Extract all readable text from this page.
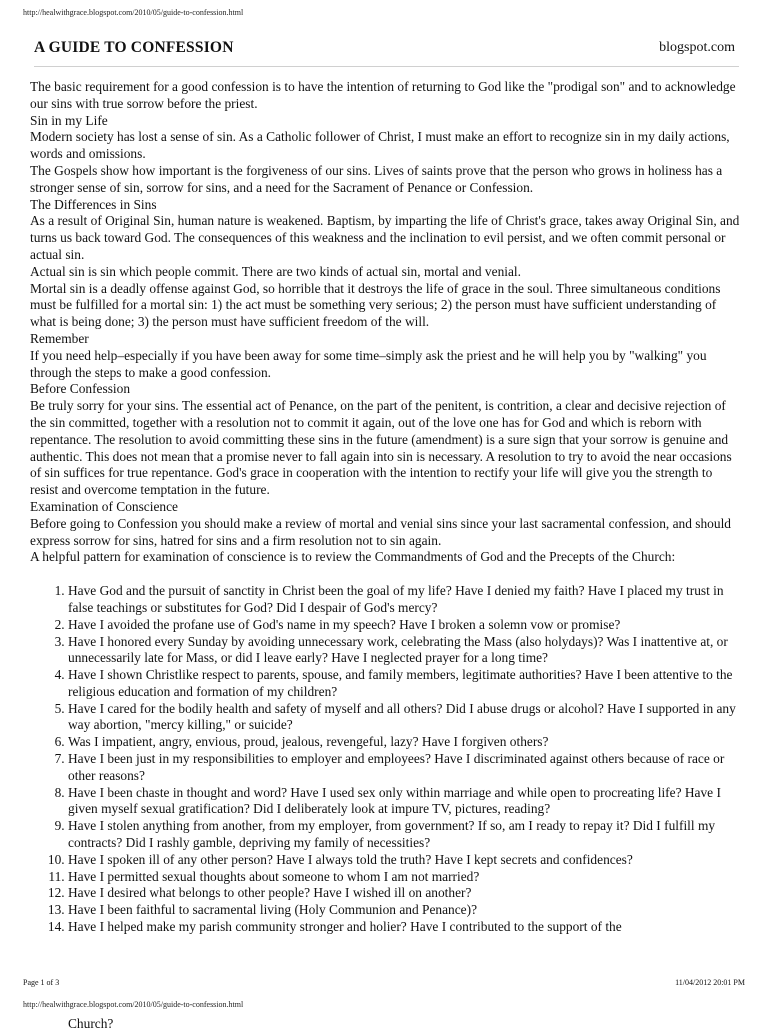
http://healwithgrace.blogspot.com/2010/05/guide-to-confession.html
A GUIDE TO CONFESSION	blogspot.com

The basic requirement for a good confession is to have the intention of returning to God like the "prodigal son" and to acknowledge our sins with true sorrow before the priest.

Sin in my Life

Modern society has lost a sense of sin. As a Catholic follower of Christ, I must make an effort to recognize sin in my daily actions, words and omissions.

The Gospels show how important is the forgiveness of our sins. Lives of saints prove that the person who grows in holiness has a stronger sense of sin, sorrow for sins, and a need for the Sacrament of Penance or Confession.

The Differences in Sins

As a result of Original Sin, human nature is weakened. Baptism, by imparting the life of Christ's grace, takes away Original Sin, and turns us back toward God. The consequences of this weakness and the inclination to evil persist, and we often commit personal or actual sin.

Actual sin is sin which people commit. There are two kinds of actual sin, mortal and venial.

Mortal sin is a deadly offense against God, so horrible that it destroys the life of grace in the soul. Three simultaneous conditions must be fulfilled for a mortal sin: 1) the act must be something very serious; 2) the person must have sufficient understanding of what is being done; 3) the person must have sufficient freedom of the will.

Remember

If you need help–especially if you have been away for some time–simply ask the priest and he will help you by "walking" you through the steps to make a good confession.

Before Confession

Be truly sorry for your sins. The essential act of Penance, on the part of the penitent, is contrition, a clear and decisive rejection of the sin committed, together with a resolution not to commit it again, out of the love one has for God and which is reborn with repentance. The resolution to avoid committing these sins in the future (amendment) is a sure sign that your sorrow is genuine and authentic. This does not mean that a promise never to fall again into sin is necessary. A resolution to try to avoid the near occasions of sin suffices for true repentance. God's grace in cooperation with the intention to rectify your life will give you the strength to resist and overcome temptation in the future.

Examination of Conscience

Before going to Confession you should make a review of mortal and venial sins since your last sacramental confession, and should express sorrow for sins, hatred for sins and a firm resolution not to sin again.

A helpful pattern for examination of conscience is to review the Commandments of God and the Precepts of the Church:

1. Have God and the pursuit of sanctity in Christ been the goal of my life? Have I denied my faith? Have I placed my trust in false teachings or substitutes for God? Did I despair of God's mercy?
2. Have I avoided the profane use of God's name in my speech? Have I broken a solemn vow or promise?
3. Have I honored every Sunday by avoiding unnecessary work, celebrating the Mass (also holydays)? Was I inattentive at, or unnecessarily late for Mass, or did I leave early? Have I neglected prayer for a long time?
4. Have I shown Christlike respect to parents, spouse, and family members, legitimate authorities? Have I been attentive to the religious education and formation of my children?
5. Have I cared for the bodily health and safety of myself and all others? Did I abuse drugs or alcohol? Have I supported in any way abortion, "mercy killing," or suicide?
6. Was I impatient, angry, envious, proud, jealous, revengeful, lazy? Have I forgiven others?
7. Have I been just in my responsibilities to employer and employees? Have I discriminated against others because of race or other reasons?
8. Have I been chaste in thought and word? Have I used sex only within marriage and while open to procreating life? Have I given myself sexual gratification? Did I deliberately look at impure TV, pictures, reading?
9. Have I stolen anything from another, from my employer, from government? If so, am I ready to repay it? Did I fulfill my contracts? Did I rashly gamble, depriving my family of necessities?
10. Have I spoken ill of any other person? Have I always told the truth? Have I kept secrets and confidences?
11. Have I permitted sexual thoughts about someone to whom I am not married?
12. Have I desired what belongs to other people? Have I wished ill on another?
13. Have I been faithful to sacramental living (Holy Communion and Penance)?
14. Have I helped make my parish community stronger and holier? Have I contributed to the support of the
Page 1 of 3	11/04/2012 20:01 PM
http://healwithgrace.blogspot.com/2010/05/guide-to-confession.html
Church?
